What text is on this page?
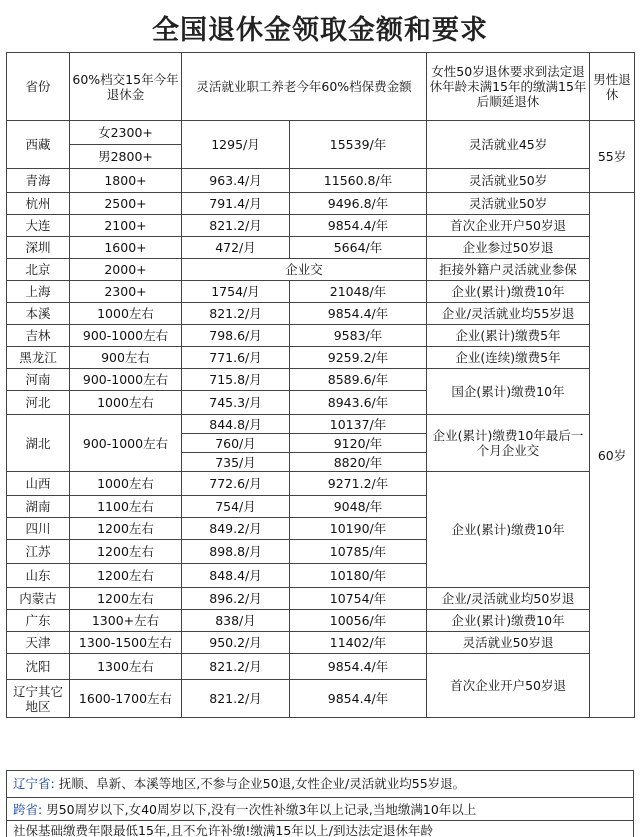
全国退休金领取金额和要求
省份	60%档交15年今年退休金	灵活就业职工养老今年60%档保费金额		女性50岁退休要求到法定退休年龄未满15年的缴满15年后顺延退休	男性退休
西藏	女2300+	1295/月	15539/年	灵活就业45岁	55岁
	男2800+				
青海	1800+	963.4/月	11560.8/年	灵活就业50岁	
杭州	2500+	791.4/月	9496.8/年	灵活就业50岁	60岁
大连	2100+	821.2/月	9854.4/年	首次企业开户50岁退	
深圳	1600+	472/月	5664/年	企业参过50岁退	
北京	2000+	企业交		拒接外籍户灵活就业参保	
上海	2300+	1754/月	21048/年	企业(累计)缴费10年	
本溪	1000左右	821.2/月	9854.4/年	企业/灵活就业均55岁退	
吉林	900-1000左右	798.6/月	9583/年	企业(累计)缴费5年	
黑龙江	900左右	771.6/月	9259.2/年	企业(连续)缴费5年	
河南	900-1000左右	715.8/月	8589.6/年	国企(累计)缴费10年	
河北	1000左右	745.3/月	8943.6/年		
湖北	900-1000左右	844.8/月	10137/年	企业(累计)缴费10年最后一个月企业交	
		760/月	9120/年		
		735/月	8820/年		
山西	1000左右	772.6/月	9271.2/年	企业(累计)缴费10年	
湖南	1100左右	754/月	9048/年		
四川	1200左右	849.2/月	10190/年		
江苏	1200左右	898.8/月	10785/年		
山东	1200左右	848.4/月	10180/年		
内蒙古	1200左右	896.2/月	10754/年	企业/灵活就业均50岁退	
广东	1300+左右	838/月	10056/年	企业(累计)缴费10年	
天津	1300-1500左右	950.2/月	11402/年	灵活就业50岁退	
沈阳	1300左右	821.2/月	9854.4/年	首次企业开户50岁退	
辽宁其它地区	1600-1700左右	821.2/月	9854.4/年		
辽宁省: 抚顺、阜新、本溪等地区,不参与企业50退,女性企业/灵活就业均55岁退。
跨省: 男50周岁以下,女40周岁以下,没有一次性补缴3年以上记录,当地缴满10年以上
社保基础缴费年限最低15年,且不允许补缴!缴满15年以上/到达法定退休年龄
